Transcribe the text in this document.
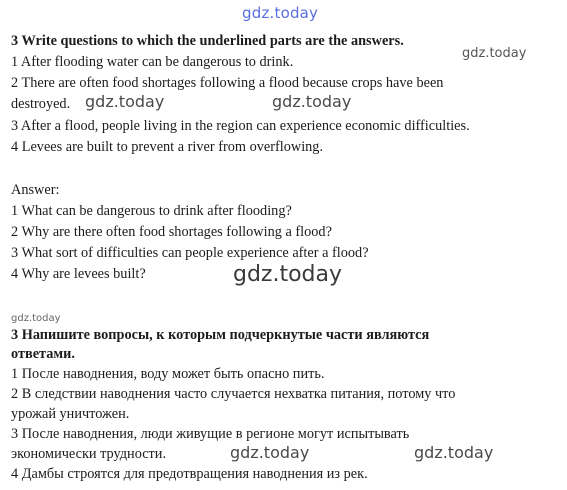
gdz.today
gdz.today
gdz.today	gdz.today
gdz.today
gdz.today
gdz.today	gdz.today
3 Write questions to which the underlined parts are the answers.
1 After flooding water can be dangerous to drink.
2 There are often food shortages following a flood because crops have been
destroyed.
3 After a flood, people living in the region can experience economic difficulties.
4 Levees are built to prevent a river from overflowing.
Answer:
1 What can be dangerous to drink after flooding?
2 Why are there often food shortages following a flood?
3 What sort of difficulties can people experience after a flood?
4 Why are levees built?
3 Напишите вопросы, к которым подчеркнутые части являются
ответами.
1 После наводнения, воду может быть опасно пить.
2 В следствии наводнения часто случается нехватка питания, потому что
урожай уничтожен.
3 После наводнения, люди живущие в регионе могут испытывать
экономически трудности.
4 Дамбы строятся для предотвращения наводнения из рек.
